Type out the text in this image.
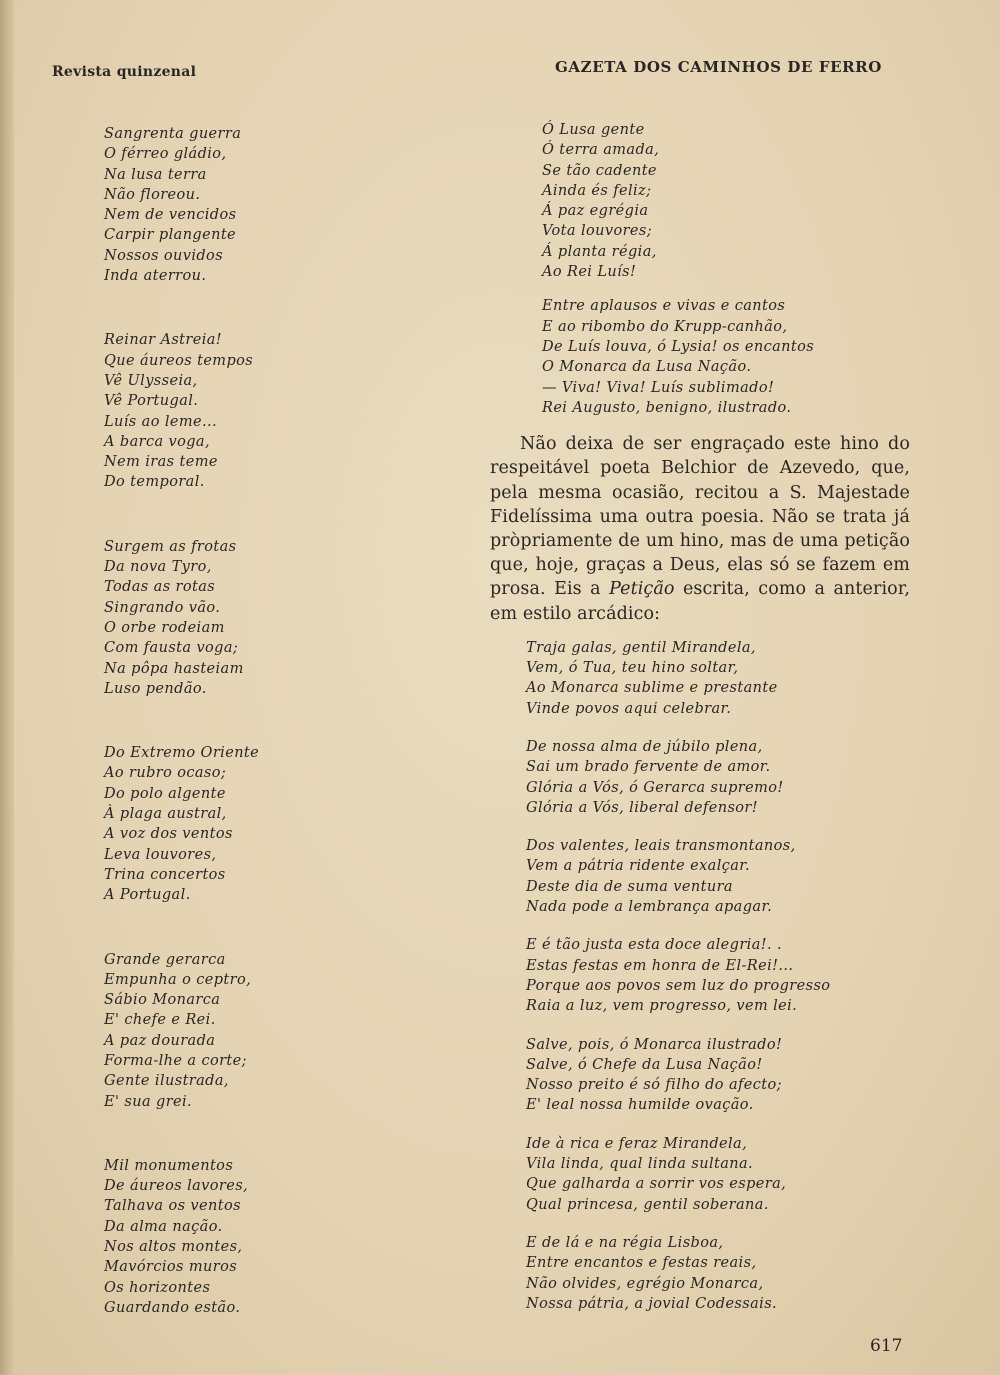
Revista quinzenal	GAZETA DOS CAMINHOS DE FERRO
Sangrenta guerra
O férreo gládio,
Na lusa terra
Não floreou.
Nem de vencidos
Carpir plangente
Nossos ouvidos
Inda aterrou.
Reinar Astreia!
Que áureos tempos
Vê Ulysseia,
Vê Portugal.
Luís ao leme...
A barca voga,
Nem iras teme
Do temporal.
Surgem as frotas
Da nova Tyro,
Todas as rotas
Singrando vão.
O orbe rodeiam
Com fausta voga;
Na pôpa hasteiam
Luso pendão.
Do Extremo Oriente
Ao rubro ocaso;
Do polo algente
À plaga austral,
A voz dos ventos
Leva louvores,
Trina concertos
A Portugal.
Grande gerarca
Empunha o ceptro,
Sábio Monarca
E' chefe e Rei.
A paz dourada
Forma-lhe a corte;
Gente ilustrada,
E' sua grei.
Mil monumentos
De áureos lavores,
Talhava os ventos
Da alma nação.
Nos altos montes,
Mavórcios muros
Os horizontes
Guardando estão.
Ó Lusa gente
Ó terra amada,
Se tão cadente
Ainda és feliz;
Á paz egrégia
Vota louvores;
Á planta régia,
Ao Rei Luís!
Entre aplausos e vivas e cantos
E ao ribombo do Krupp-canhão,
De Luís louva, ó Lysia! os encantos
O Monarca da Lusa Nação.
— Viva! Viva! Luís sublimado!
Rei Augusto, benigno, ilustrado.

Não deixa de ser engraçado este hino do respeitável poeta Belchior de Azevedo, que, pela mesma ocasião, recitou a S. Majestade Fidelíssima uma outra poesia. Não se trata já pròpriamente de um hino, mas de uma petição que, hoje, graças a Deus, elas só se fazem em prosa. Eis a Petição escrita, como a anterior, em estilo arcádico:

Traja galas, gentil Mirandela,
Vem, ó Tua, teu hino soltar,
Ao Monarca sublime e prestante
Vinde povos aqui celebrar.
De nossa alma de júbilo plena,
Sai um brado fervente de amor.
Glória a Vós, ó Gerarca supremo!
Glória a Vós, liberal defensor!
Dos valentes, leais transmontanos,
Vem a pátria ridente exalçar.
Deste dia de suma ventura
Nada pode a lembrança apagar.
E é tão justa esta doce alegria!. .
Estas festas em honra de El-Rei!...
Porque aos povos sem luz do progresso
Raia a luz, vem progresso, vem lei.
Salve, pois, ó Monarca ilustrado!
Salve, ó Chefe da Lusa Nação!
Nosso preito é só filho do afecto;
E' leal nossa humilde ovação.
Ide à rica e feraz Mirandela,
Vila linda, qual linda sultana.
Que galharda a sorrir vos espera,
Qual princesa, gentil soberana.
E de lá e na régia Lisboa,
Entre encantos e festas reais,
Não olvides, egrégio Monarca,
Nossa pátria, a jovial Codessais.
617
